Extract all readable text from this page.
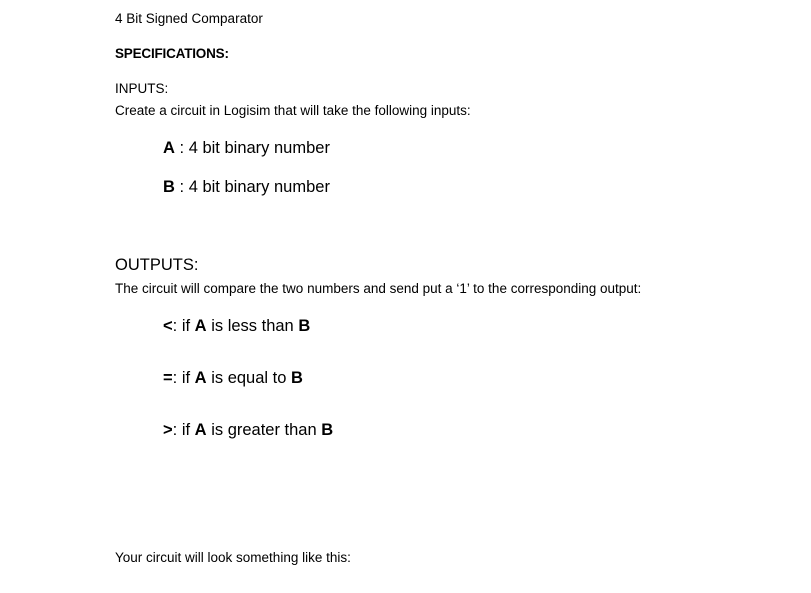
4 Bit Signed Comparator
SPECIFICATIONS:
INPUTS:
Create a circuit in Logisim that will take the following inputs:
A : 4 bit binary number
B : 4 bit binary number
OUTPUTS:
The circuit will compare the two numbers and send put a ‘1’ to the corresponding output:
<: if A is less than B
=: if A is equal to B
>: if A is greater than B
Your circuit will look something like this:
